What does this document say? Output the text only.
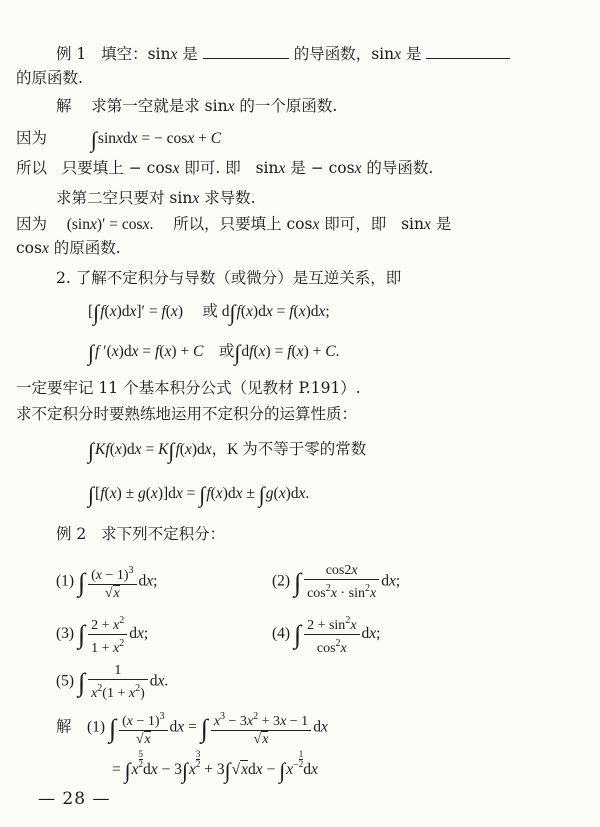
例 1 填空：sinx 是	的导函数，sinx 是
的原函数.
解 求第一空就是求 sinx 的一个原函数.
因为 ∫sinxdx = − cosx + C
所以 只要填上 − cosx 即可. 即 sinx 是 − cosx 的导函数.
求第二空只要对 sinx 求导数.
因为 (sinx)′ = cosx. 所以，只要填上 cosx 即可，即 sinx 是
cosx 的原函数.
2. 了解不定积分与导数（或微分）是互逆关系，即
[∫f(x)dx]′ = f(x)     或 d∫f(x)dx = f(x)dx;
∫f ′(x)dx = f(x) + C 或∫df(x) = f(x) + C.
一定要牢记 11 个基本积分公式（见教材 P.191）.
求不定积分时要熟练地运用不定积分的运算性质：
∫Kf(x)dx = K∫f(x)dx，K 为不等于零的常数
∫[f(x) ± g(x)]dx = ∫f(x)dx ± ∫g(x)dx.
例 2 求下列不定积分：
(1) ∫ $\frac{(x - 1)^3}{√x}$ dx;	(2) ∫ $\frac{\cos 2x}{\cos^2x \cdot \sin^2x}$ dx;
(3) ∫ $\frac{2 + x^2}{1 + x^2}$ dx;	(4) ∫ $\frac{2 + \sin^2x}{\cos^2x}$ dx;
(5) ∫ $\frac{1}{x^2(1 + x^2)}$ dx.
解 (1) ∫ $\frac{(x - 1)^3}{√x}$ dx = ∫ $\frac{x^3 - 3x^2 + 3x - 1}{√x}$ dx
= ∫x
$\frac{5}{2}$
dx − 3∫x
$\frac{3}{2}$
+ $3\int√xdx - \int x^- \frac{1}{2}$
dx
— 28 —
